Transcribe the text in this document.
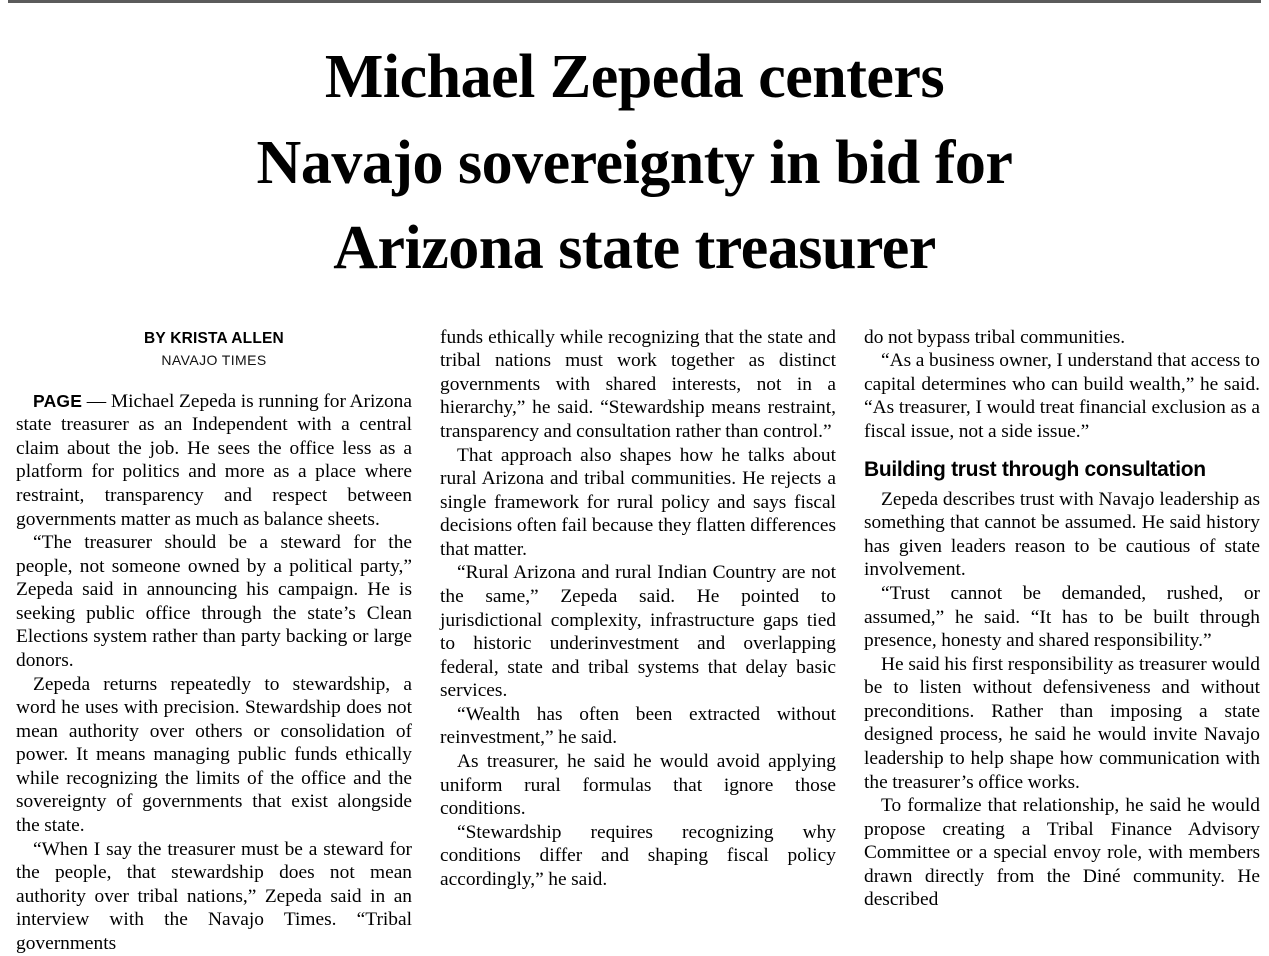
Michael Zepeda centers
Navajo sovereignty in bid for
Arizona state treasurer
BY KRISTA ALLEN
NAVAJO TIMES

PAGE — Michael Zepeda is running for Arizona state treasurer as an Independent with a central claim about the job. He sees the office less as a platform for politics and more as a place where restraint, transparency and respect between governments matter as much as balance sheets.

“The treasurer should be a steward for the people, not someone owned by a political party,” Zepeda said in announcing his campaign. He is seeking public office through the state’s Clean Elections system rather than party backing or large donors.

Zepeda returns repeatedly to stewardship, a word he uses with precision. Stewardship does not mean authority over others or consolidation of power. It means managing public funds ethically while recognizing the limits of the office and the sovereignty of governments that exist alongside the state.

“When I say the treasurer must be a steward for the people, that stewardship does not mean authority over tribal nations,” Zepeda said in an interview with the Navajo Times. “Tribal governments

funds ethically while recognizing that the state and tribal nations must work together as distinct governments with shared interests, not in a hierarchy,” he said. “Stewardship means restraint, transparency and consultation rather than control.”

That approach also shapes how he talks about rural Arizona and tribal communities. He rejects a single framework for rural policy and says fiscal decisions often fail because they flatten differences that matter.

“Rural Arizona and rural Indian Country are not the same,” Zepeda said. He pointed to jurisdictional complexity, infrastructure gaps tied to historic underinvestment and overlapping federal, state and tribal systems that delay basic services.

“Wealth has often been extracted without reinvestment,” he said.

As treasurer, he said he would avoid applying uniform rural formulas that ignore those conditions.

“Stewardship requires recognizing why conditions differ and shaping fiscal policy accordingly,” he said.

do not bypass tribal communities.

“As a business owner, I understand that access to capital determines who can build wealth,” he said. “As treasurer, I would treat financial exclusion as a fiscal issue, not a side issue.”

Building trust through consultation

Zepeda describes trust with Navajo leadership as something that cannot be assumed. He said history has given leaders reason to be cautious of state involvement.

“Trust cannot be demanded, rushed, or assumed,” he said. “It has to be built through presence, honesty and shared responsibility.”

He said his first responsibility as treasurer would be to listen without defensiveness and without preconditions. Rather than imposing a state designed process, he said he would invite Navajo leadership to help shape how communication with the treasurer’s office works.

To formalize that relationship, he said he would propose creating a Tribal Finance Advisory Committee or a special envoy role, with members drawn directly from the Diné community. He described
